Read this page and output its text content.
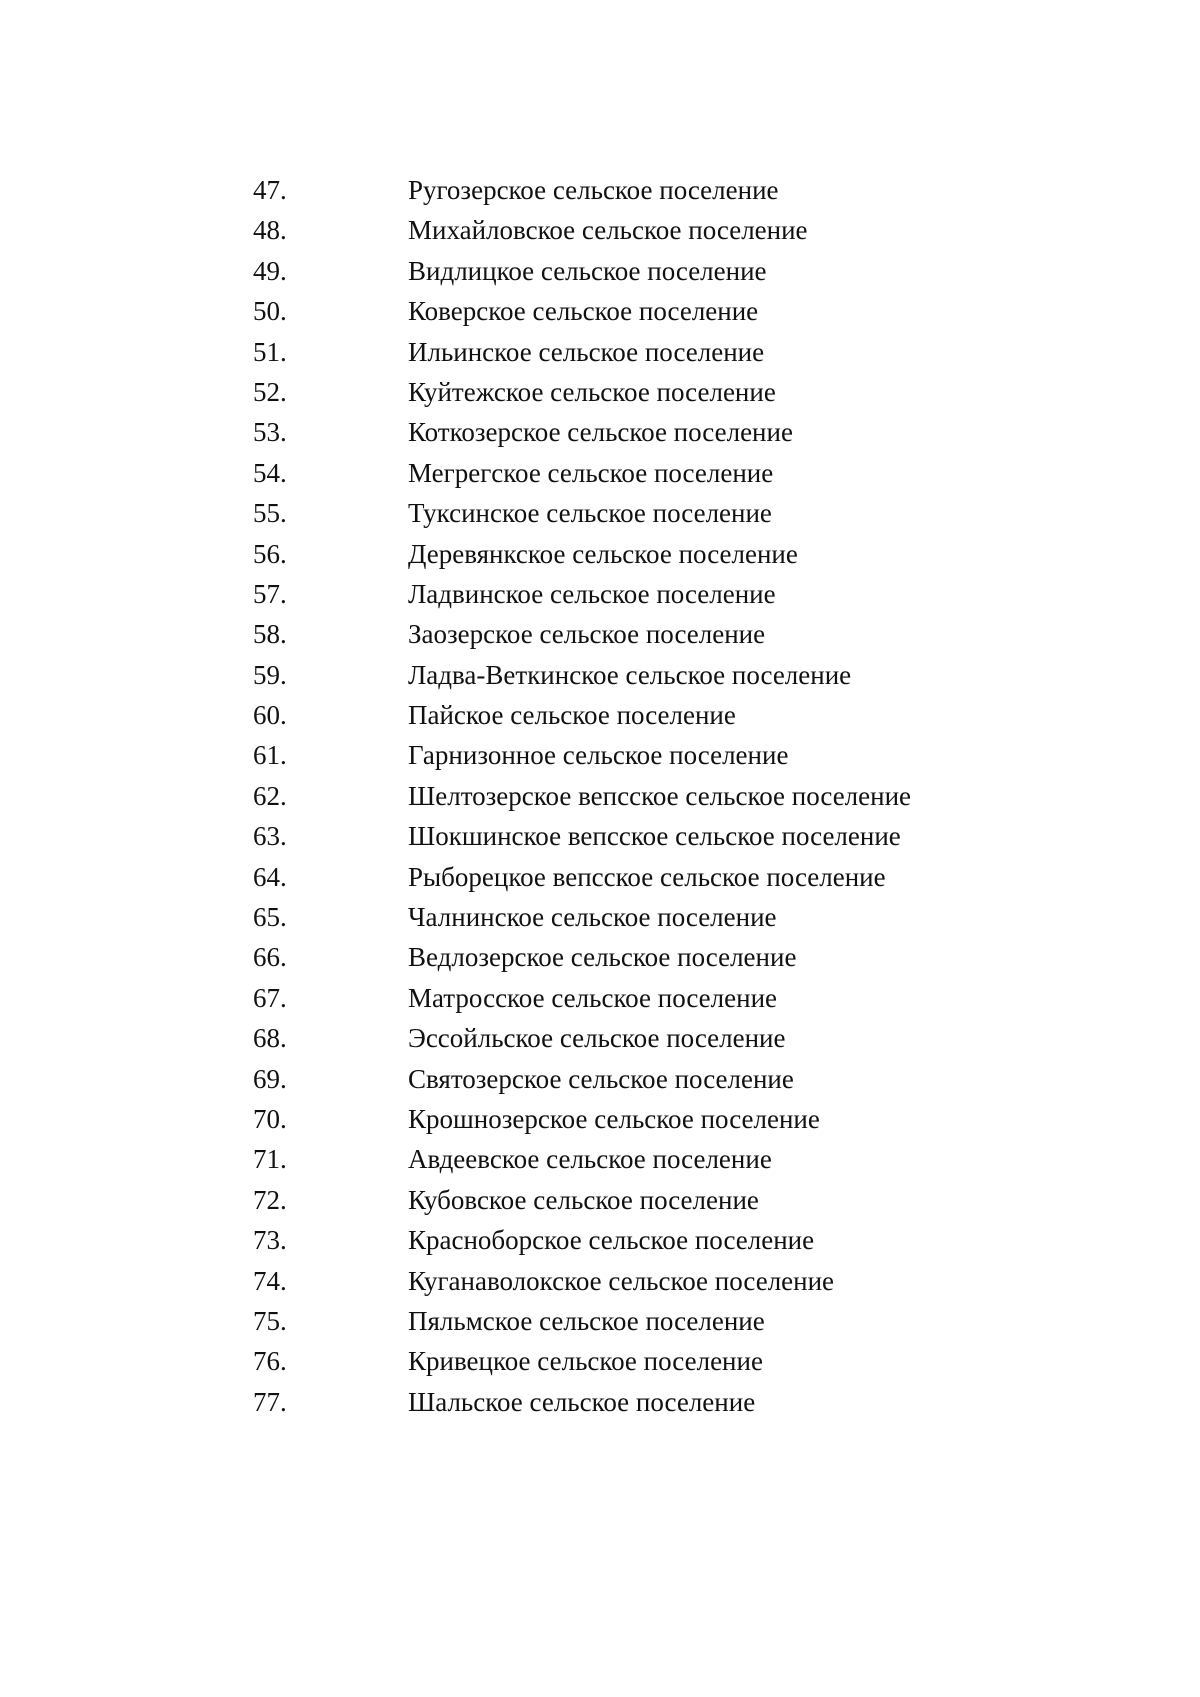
47.	Ругозерское сельское поселение
48.	Михайловское сельское поселение
49.	Видлицкое сельское поселение
50.	Коверское сельское поселение
51.	Ильинское сельское поселение
52.	Куйтежское сельское поселение
53.	Коткозерское сельское поселение
54.	Мегрегское сельское поселение
55.	Туксинское сельское поселение
56.	Деревянкское сельское поселение
57.	Ладвинское сельское поселение
58.	Заозерское сельское поселение
59.	Ладва-Веткинское сельское поселение
60.	Пайское сельское поселение
61.	Гарнизонное сельское поселение
62.	Шелтозерское вепсское сельское поселение
63.	Шокшинское вепсское сельское поселение
64.	Рыборецкое вепсское сельское поселение
65.	Чалнинское сельское поселение
66.	Ведлозерское сельское поселение
67.	Матросское сельское поселение
68.	Эссойльское сельское поселение
69.	Святозерское сельское поселение
70.	Крошнозерское сельское поселение
71.	Авдеевское сельское поселение
72.	Кубовское сельское поселение
73.	Красноборское сельское поселение
74.	Куганаволокское сельское поселение
75.	Пяльмское сельское поселение
76.	Кривецкое сельское поселение
77.	Шальское сельское поселение
